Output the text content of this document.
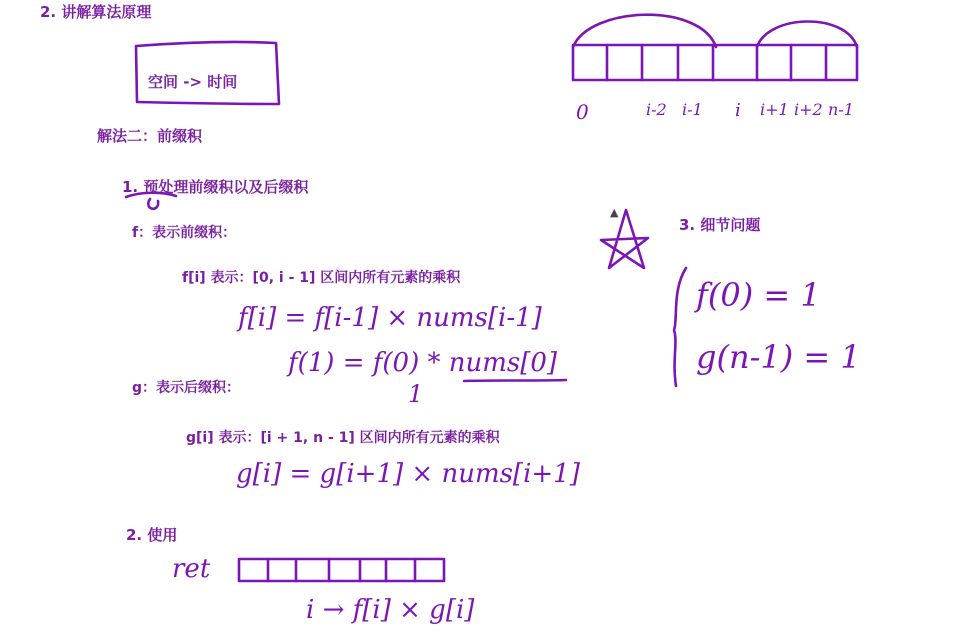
2. 讲解算法原理
空间 -> 时间
解法二：前缀积
1. 预处理前缀积以及后缀积
f：表示前缀积：
f[i] 表示：[0, i - 1] 区间内所有元素的乘积
g：表示后缀积：
g[i] 表示：[i + 1, n - 1] 区间内所有元素的乘积
2. 使用
3. 细节问题
f[i] = f[i-1] × nums[i-1]
f(1) = f(0) * nums[0]
1
g[i] = g[i+1] × nums[i+1]
ret
i → f[i] × g[i]
f(0) = 1
g(n-1) = 1
0	i-2 i-1 i i+1 i+2 n-1
▲
